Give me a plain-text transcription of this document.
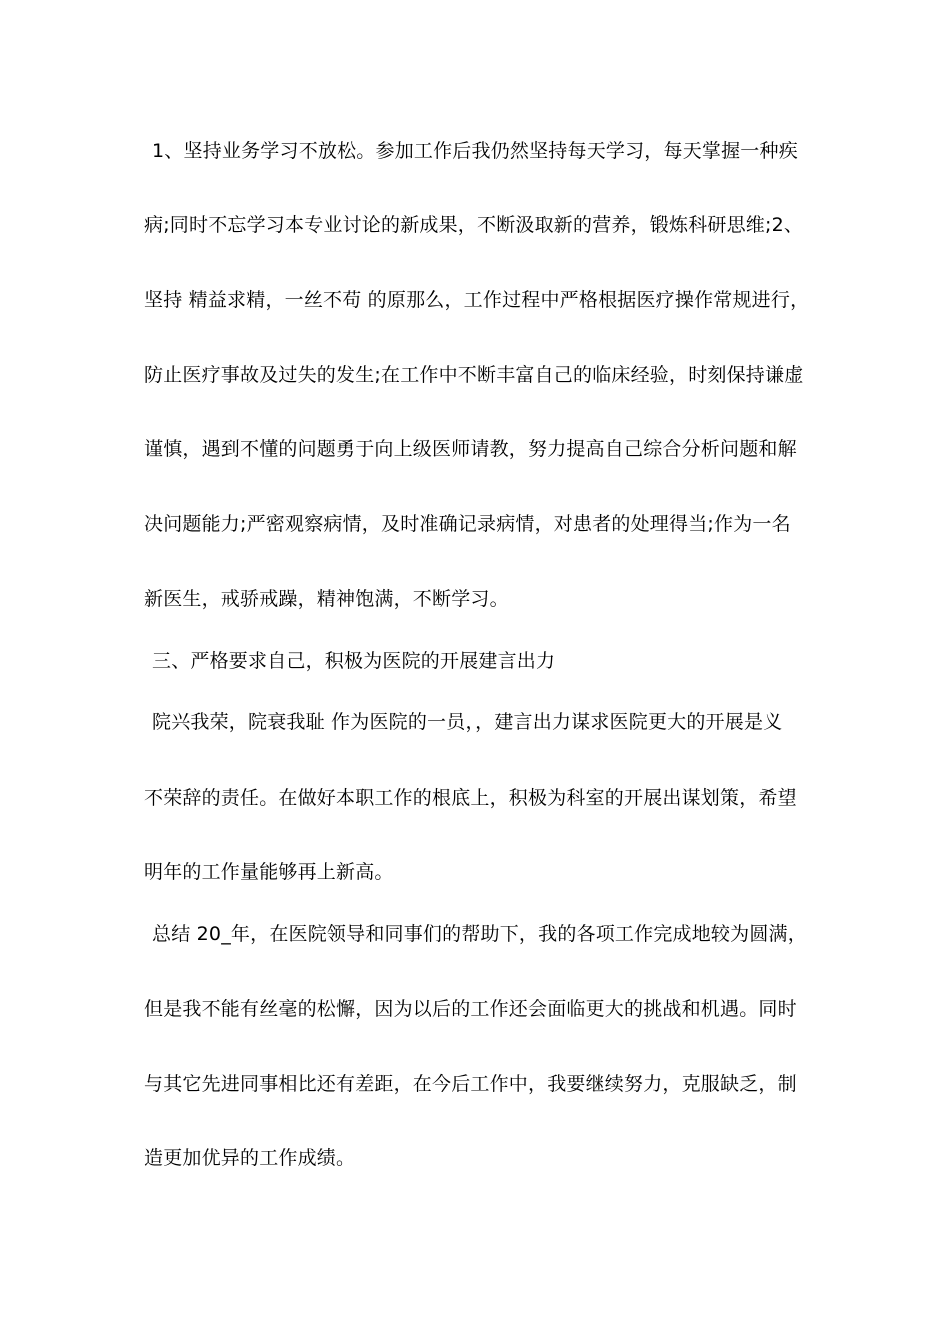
1、坚持业务学习不放松。参加工作后我仍然坚持每天学习，每天掌握一种疾
病;同时不忘学习本专业讨论的新成果，不断汲取新的营养，锻炼科研思维;2、
坚持 精益求精，一丝不苟 的原那么，工作过程中严格根据医疗操作常规进行，
防止医疗事故及过失的发生;在工作中不断丰富自己的临床经验，时刻保持谦虚
谨慎，遇到不懂的问题勇于向上级医师请教，努力提高自己综合分析问题和解
决问题能力;严密观察病情，及时准确记录病情，对患者的处理得当;作为一名
新医生，戒骄戒躁，精神饱满，不断学习。
三、严格要求自己，积极为医院的开展建言出力
院兴我荣，院衰我耻 作为医院的一员，，建言出力谋求医院更大的开展是义
不荣辞的责任。在做好本职工作的根底上，积极为科室的开展出谋划策，希望
明年的工作量能够再上新高。
总结 20_年，在医院领导和同事们的帮助下，我的各项工作完成地较为圆满，
但是我不能有丝毫的松懈，因为以后的工作还会面临更大的挑战和机遇。同时
与其它先进同事相比还有差距，在今后工作中，我要继续努力，克服缺乏，制
造更加优异的工作成绩。
